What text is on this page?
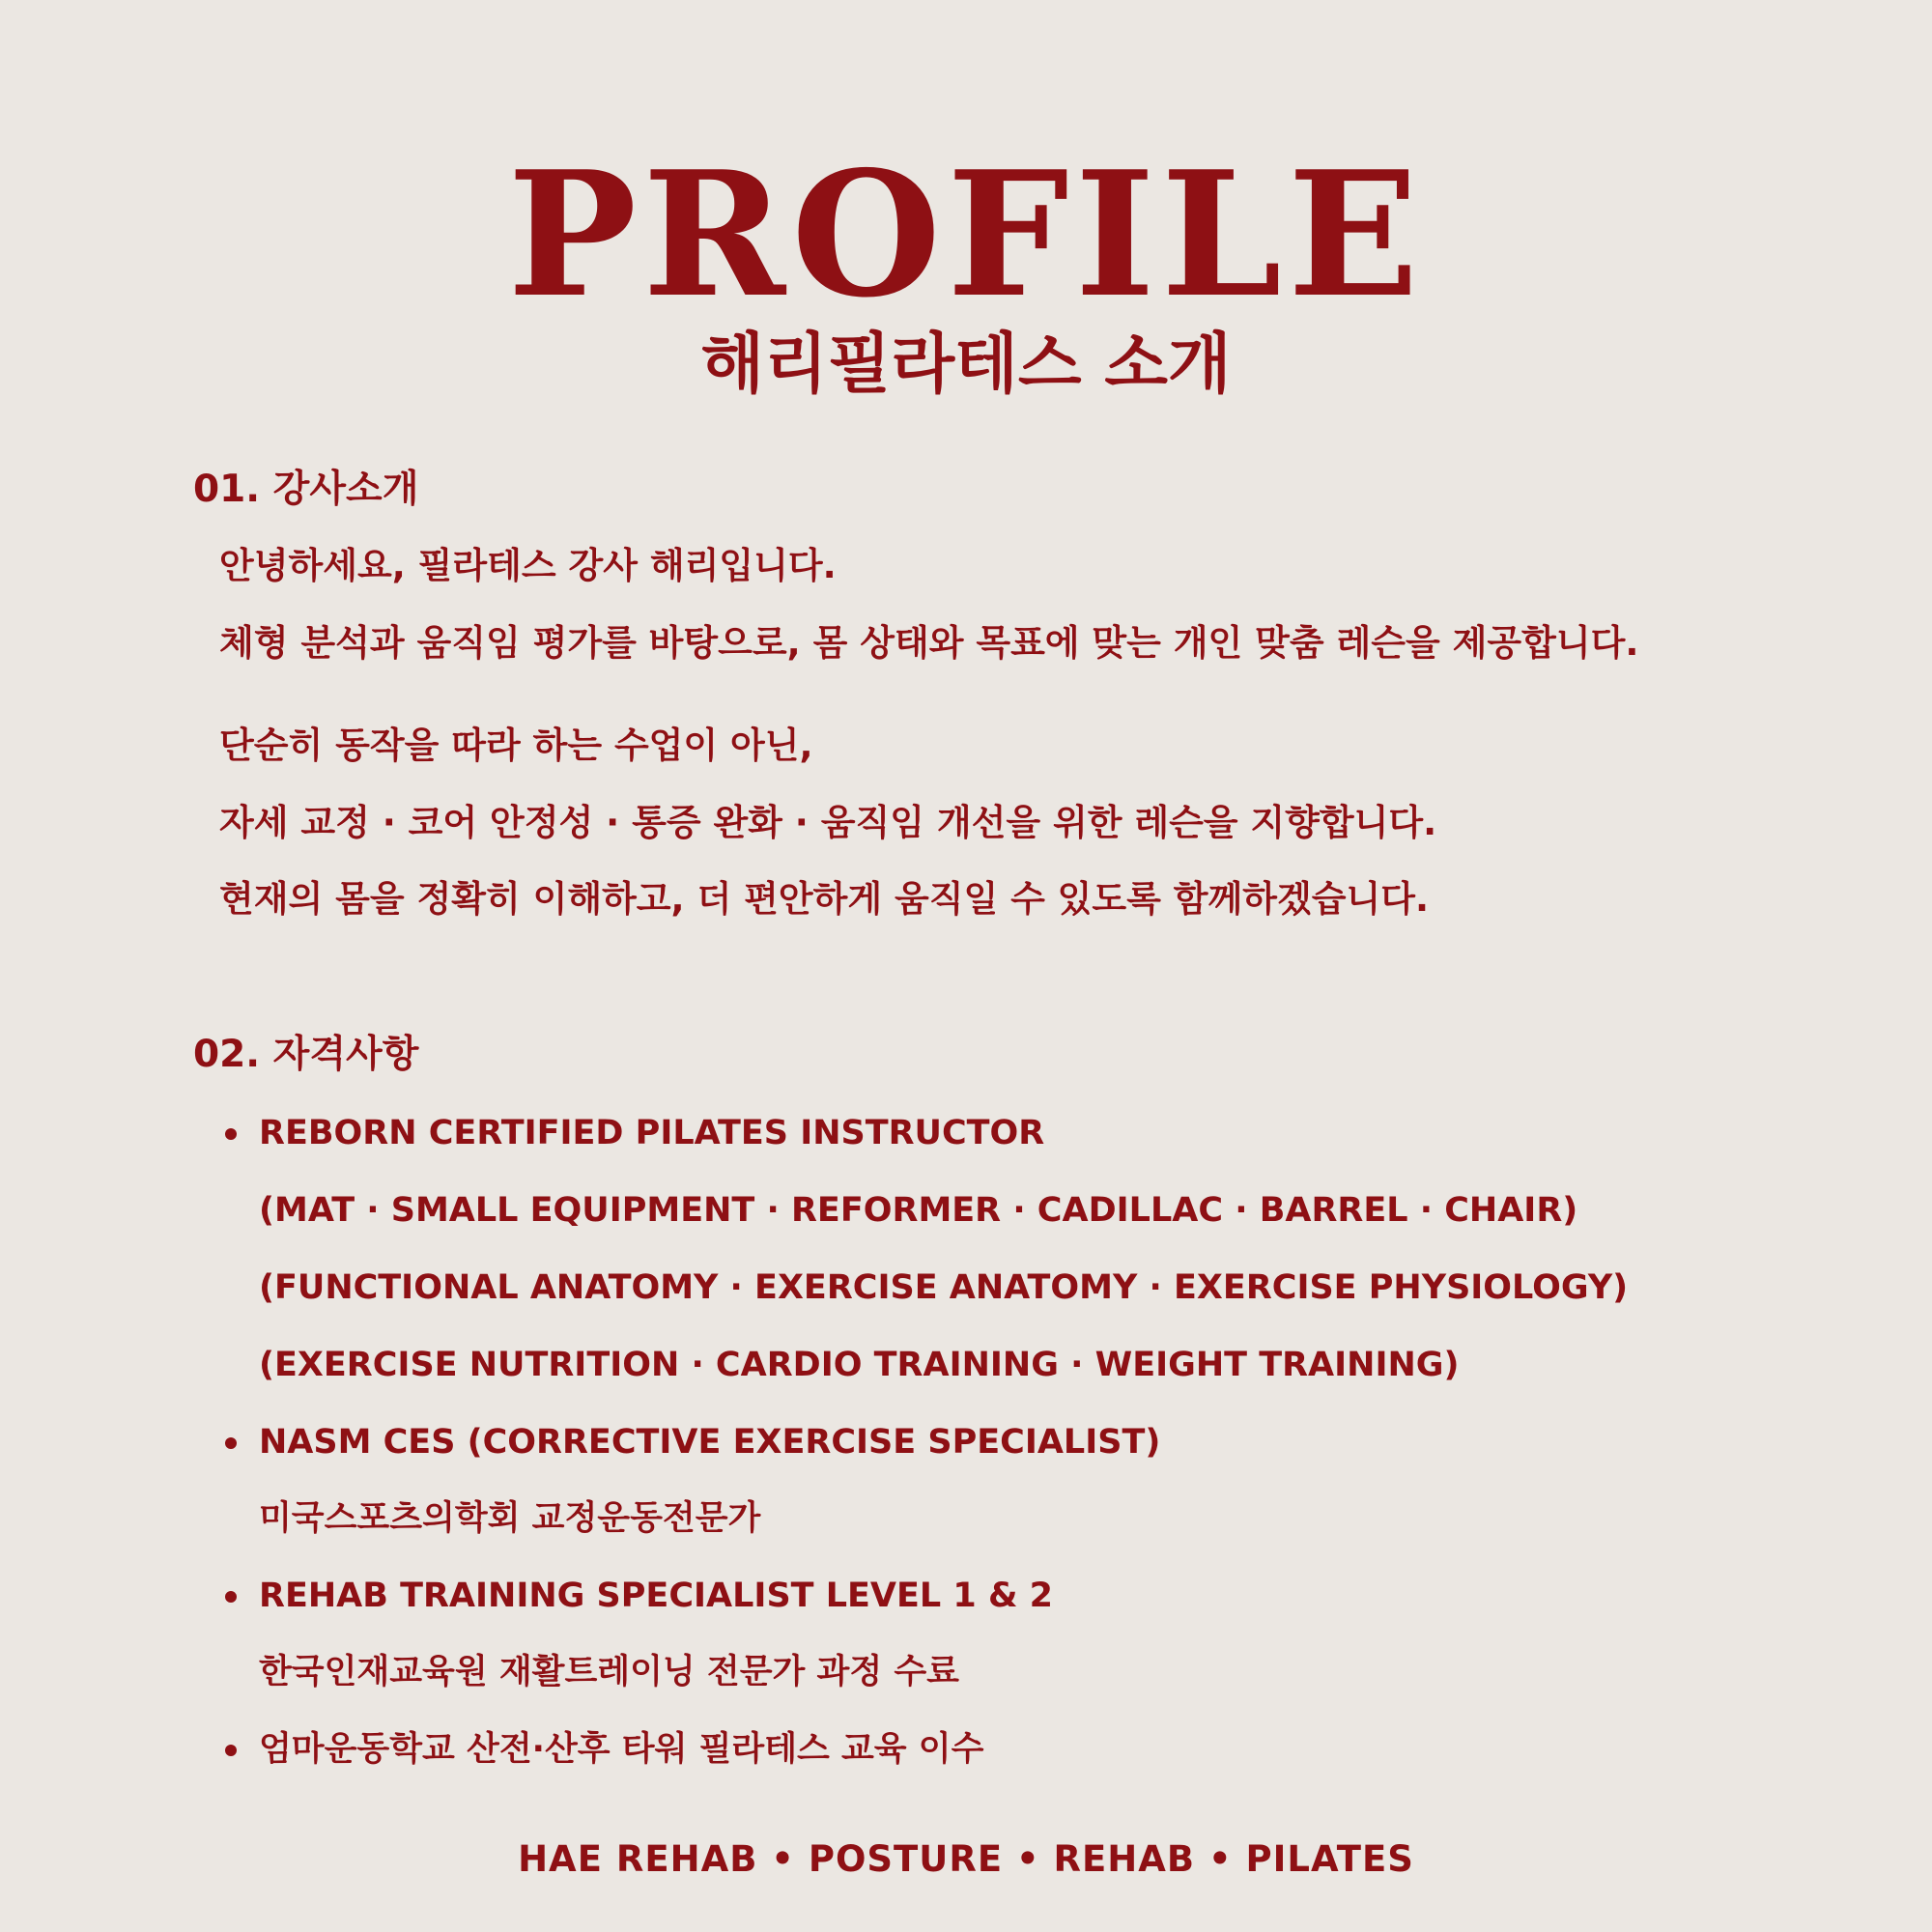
PROFILE
해리필라테스 소개
01. 강사소개
안녕하세요, 필라테스 강사 해리입니다.
체형 분석과 움직임 평가를 바탕으로, 몸 상태와 목표에 맞는 개인 맞춤 레슨을 제공합니다.
단순히 동작을 따라 하는 수업이 아닌,
자세 교정 · 코어 안정성 · 통증 완화 · 움직임 개선을 위한 레슨을 지향합니다.
현재의 몸을 정확히 이해하고, 더 편안하게 움직일 수 있도록 함께하겠습니다.
02. 자격사항
REBORN CERTIFIED PILATES INSTRUCTOR
(MAT · SMALL EQUIPMENT · REFORMER · CADILLAC · BARREL · CHAIR)
(FUNCTIONAL ANATOMY · EXERCISE ANATOMY · EXERCISE PHYSIOLOGY)
(EXERCISE NUTRITION · CARDIO TRAINING · WEIGHT TRAINING)
NASM CES (CORRECTIVE EXERCISE SPECIALIST)
미국스포츠의학회 교정운동전문가
REHAB TRAINING SPECIALIST LEVEL 1 & 2
한국인재교육원 재활트레이닝 전문가 과정 수료
엄마운동학교 산전·산후 타워 필라테스 교육 이수
HAE REHAB • POSTURE • REHAB • PILATES
